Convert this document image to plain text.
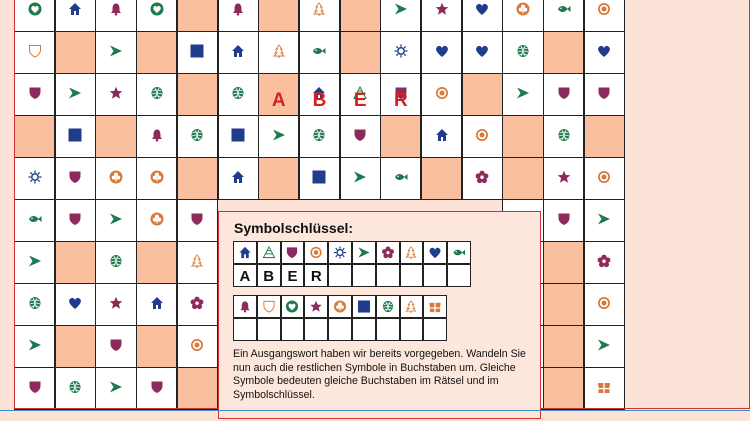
A	B	E	R
Symbolschlüssel:
A B E R
Ein Ausgangswort haben wir bereits vorgegeben. Wandeln Sie nun auch die restlichen Symbole in Buchstaben um. Gleiche Symbole bedeuten gleiche Buchstaben im Rätsel und im Symbolschlüssel.
